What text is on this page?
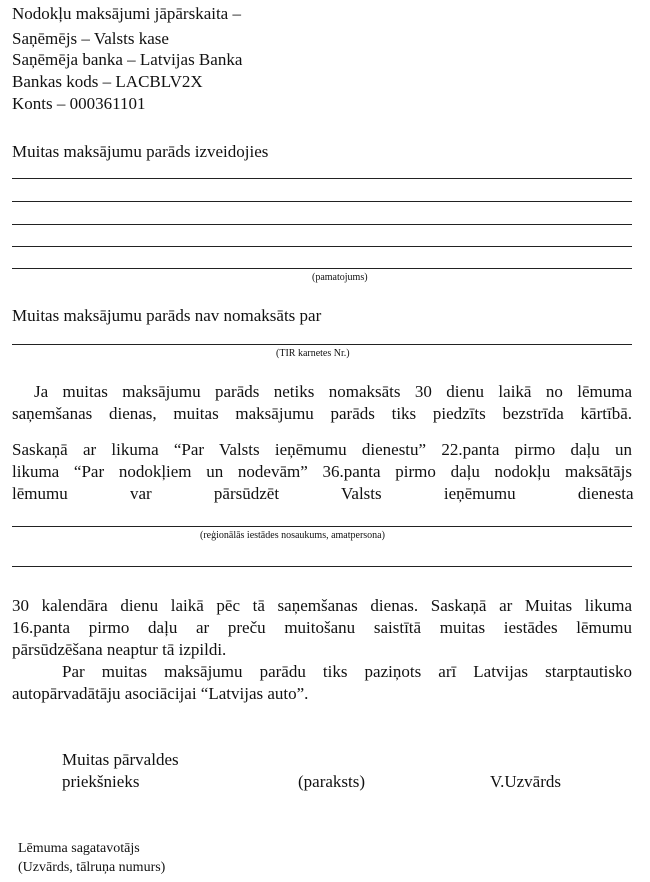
Nodokļu maksājumi jāpārskaita –
Saņēmējs – Valsts kase
Saņēmēja banka – Latvijas Banka
Bankas kods – LACBLV2X
Konts – 000361101
Muitas maksājumu parāds izveidojies
(pamatojums)
Muitas maksājumu parāds nav nomaksāts par
(TIR karnetes Nr.)
Ja muitas maksājumu parāds netiks nomaksāts 30 dienu laikā no lēmuma
saņemšanas dienas, muitas maksājumu parāds tiks piedzīts bezstrīda kārtībā.
Saskaņā ar likuma “Par Valsts ieņēmumu dienestu” 22.panta pirmo daļu un
likuma “Par nodokļiem un nodevām” 36.panta pirmo daļu nodokļu maksātājs
lēmumu var pārsūdzēt Valsts ieņēmumu dienesta
(reģionālās iestādes nosaukums, amatpersona)
30 kalendāra dienu laikā pēc tā saņemšanas dienas. Saskaņā ar Muitas likuma
16.panta pirmo daļu ar preču muitošanu saistītā muitas iestādes lēmumu
pārsūdzēšana neaptur tā izpildi.
Par muitas maksājumu parādu tiks paziņots arī Latvijas starptautisko
autopārvadātāju asociācijai “Latvijas auto”.
Muitas pārvaldes
priekšnieks	(paraksts)	V.Uzvārds
Lēmuma sagatavotājs
(Uzvārds, tālruņa numurs)
